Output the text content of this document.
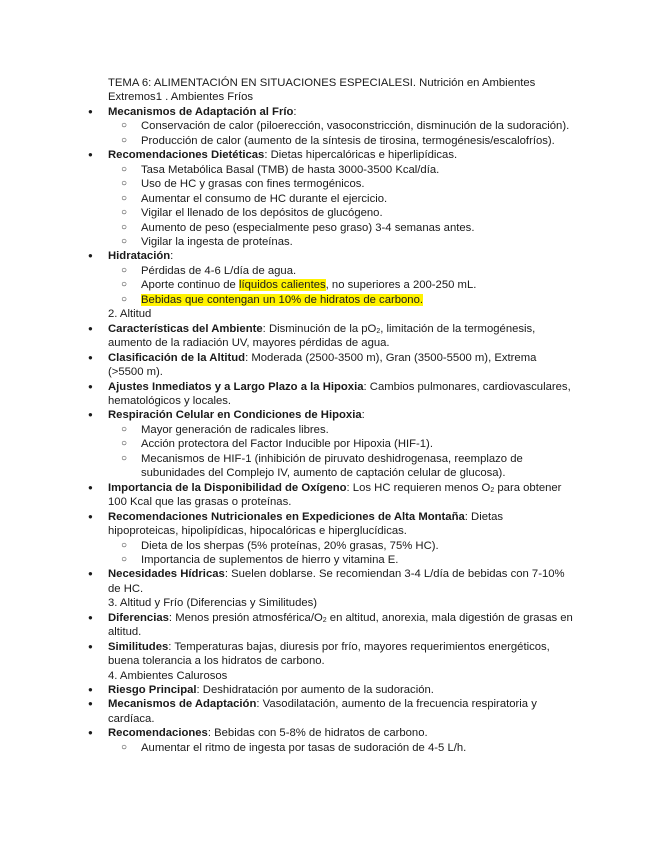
TEMA 6: ALIMENTACIÓN EN SITUACIONES ESPECIALESI. Nutrición en Ambientes Extremos1 . Ambientes Fríos

● Mecanismos de Adaptación al Frío:
○ Conservación de calor (piloerección, vasoconstricción, disminución de la sudoración).
○ Producción de calor (aumento de la síntesis de tirosina, termogénesis/escalofríos).
● Recomendaciones Dietéticas: Dietas hipercalóricas e hiperlipídicas.
○ Tasa Metabólica Basal (TMB) de hasta 3000-3500 Kcal/día.
○ Uso de HC y grasas con fines termogénicos.
○ Aumentar el consumo de HC durante el ejercicio.
○ Vigilar el llenado de los depósitos de glucógeno.
○ Aumento de peso (especialmente peso graso) 3-4 semanas antes.
○ Vigilar la ingesta de proteínas.
● Hidratación:
○ Pérdidas de 4-6 L/día de agua.
○ Aporte continuo de líquidos calientes, no superiores a 200-250 mL.
○ Bebidas que contengan un 10% de hidratos de carbono.

2. Altitud

● Características del Ambiente: Disminución de la $pO_2$, limitación de la termogénesis, aumento de la radiación UV, mayores pérdidas de agua.
● Clasificación de la Altitud: Moderada (2500-3500 m), Gran (3500-5500 m), Extrema (>5500 m).
● Ajustes Inmediatos y a Largo Plazo a la Hipoxia: Cambios pulmonares, cardiovasculares, hematológicos y locales.
● Respiración Celular en Condiciones de Hipoxia:
○ Mayor generación de radicales libres.
○ Acción protectora del Factor Inducible por Hipoxia (HIF-1).
○ Mecanismos de HIF-1 (inhibición de piruvato deshidrogenasa, reemplazo de subunidades del Complejo IV, aumento de captación celular de glucosa).
● Importancia de la Disponibilidad de Oxígeno: Los HC requieren menos $O_2$ para obtener 100 Kcal que las grasas o proteínas.
● Recomendaciones Nutricionales en Expediciones de Alta Montaña: Dietas hipoproteicas, hipolipídicas, hipocalóricas e hiperglucídicas.
○ Dieta de los sherpas (5% proteínas, 20% grasas, 75% HC).
○ Importancia de suplementos de hierro y vitamina E.
● Necesidades Hídricas: Suelen doblarse. Se recomiendan 3-4 L/día de bebidas con 7-10% de HC.

3. Altitud y Frío (Diferencias y Similitudes)

● Diferencias: Menos presión atmosférica/$O_2$ en altitud, anorexia, mala digestión de grasas en altitud.
● Similitudes: Temperaturas bajas, diuresis por frío, mayores requerimientos energéticos, buena tolerancia a los hidratos de carbono.

4. Ambientes Calurosos

● Riesgo Principal: Deshidratación por aumento de la sudoración.
● Mecanismos de Adaptación: Vasodilatación, aumento de la frecuencia respiratoria y cardíaca.
● Recomendaciones: Bebidas con 5-8% de hidratos de carbono.
○ Aumentar el ritmo de ingesta por tasas de sudoración de 4-5 L/h.
